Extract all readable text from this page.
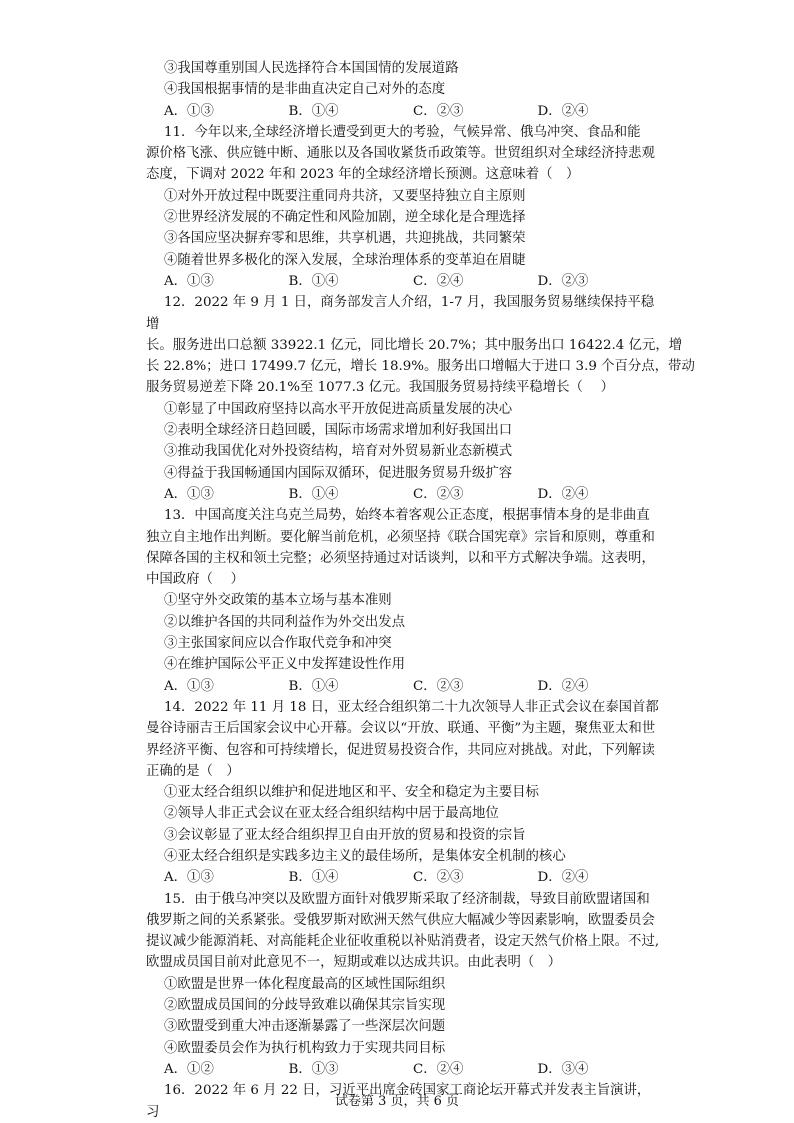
③我国尊重别国人民选择符合本国国情的发展道路
④我国根据事情的是非曲直决定自己对外的态度
A．①③	B．①④	C．②③	D．②④
11．今年以来,全球经济增长遭受到更大的考验，气候异常、俄乌冲突、食品和能
源价格飞涨、供应链中断、通胀以及各国收紧货币政策等。世贸组织对全球经济持悲观
态度，下调对 2022 年和 2023 年的全球经济增长预测。这意味着（　）
①对外开放过程中既要注重同舟共济，又要坚持独立自主原则
②世界经济发展的不确定性和风险加剧，逆全球化是合理选择
③各国应坚决摒弃零和思维，共享机遇，共迎挑战，共同繁荣
④随着世界多极化的深入发展，全球治理体系的变革迫在眉睫
A．①③	B．①④	C．②④	D．②③
12．2022 年 9 月 1 日，商务部发言人介绍，1-7 月，我国服务贸易继续保持平稳增
长。服务进出口总额 33922.1 亿元，同比增长 20.7%；其中服务出口 16422.4 亿元，增
长 22.8%；进口 17499.7 亿元，增长 18.9%。服务出口增幅大于进口 3.9 个百分点，带动
服务贸易逆差下降 20.1%至 1077.3 亿元。我国服务贸易持续平稳增长（　 ）
①彰显了中国政府坚持以高水平开放促进高质量发展的决心
②表明全球经济日趋回暖，国际市场需求增加利好我国出口
③推动我国优化对外投资结构，培育对外贸易新业态新模式
④得益于我国畅通国内国际双循环，促进服务贸易升级扩容
A．①③	B．①④	C．②③	D．②④
13．中国高度关注乌克兰局势，始终本着客观公正态度，根据事情本身的是非曲直
独立自主地作出判断。要化解当前危机，必须坚持《联合国宪章》宗旨和原则，尊重和
保障各国的主权和领土完整；必须坚持通过对话谈判，以和平方式解决争端。这表明，
中国政府（　 ）
①坚守外交政策的基本立场与基本准则
②以维护各国的共同利益作为外交出发点
③主张国家间应以合作取代竞争和冲突
④在维护国际公平正义中发挥建设性作用
A．①③	B．①④	C．②③	D．②④
14．2022 年 11 月 18 日，亚太经合组织第二十九次领导人非正式会议在泰国首都
曼谷诗丽吉王后国家会议中心开幕。会议以“开放、联通、平衡”为主题，聚焦亚太和世
界经济平衡、包容和可持续增长，促进贸易投资合作，共同应对挑战。对此，下列解读
正确的是（　）
①亚太经合组织以维护和促进地区和平、安全和稳定为主要目标
②领导人非正式会议在亚太经合组织结构中居于最高地位
③会议彰显了亚太经合组织捍卫自由开放的贸易和投资的宗旨
④亚太经合组织是实践多边主义的最佳场所，是集体安全机制的核心
A．①③	B．①④	C．②③	D．②④
15．由于俄乌冲突以及欧盟方面针对俄罗斯采取了经济制裁，导致目前欧盟诸国和
俄罗斯之间的关系紧张。受俄罗斯对欧洲天然气供应大幅减少等因素影响，欧盟委员会
提议减少能源消耗、对高能耗企业征收重税以补贴消费者，设定天然气价格上限。不过,
欧盟成员国目前对此意见不一，短期或难以达成共识。由此表明（　）
①欧盟是世界一体化程度最高的区域性国际组织
②欧盟成员国间的分歧导致难以确保其宗旨实现
③欧盟受到重大冲击逐渐暴露了一些深层次问题
④欧盟委员会作为执行机构致力于实现共同目标
A．①②	B．①③	C．②④	D．③④
16．2022 年 6 月 22 日，习近平出席金砖国家工商论坛开幕式并发表主旨演讲，习
试卷第 3 页，共 6 页
